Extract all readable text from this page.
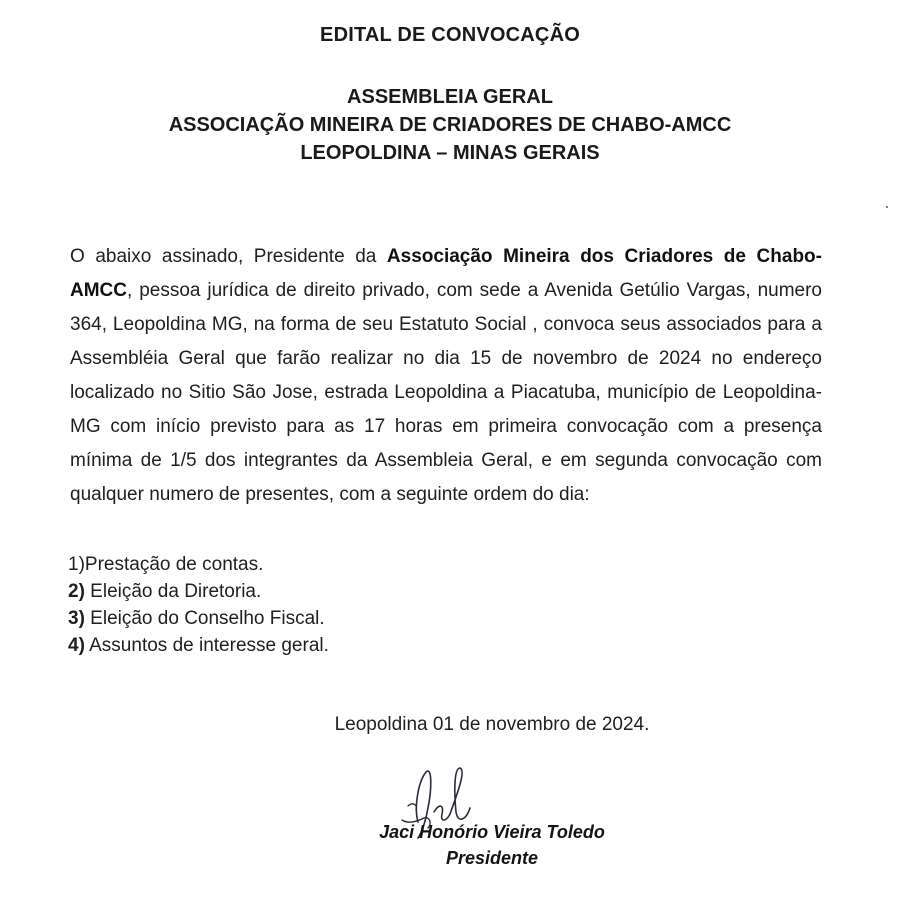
EDITAL DE CONVOCAÇÃO
ASSEMBLEIA GERAL
ASSOCIAÇÃO MINEIRA DE CRIADORES DE CHABO-AMCC
LEOPOLDINA – MINAS GERAIS
O abaixo assinado, Presidente da Associação Mineira dos Criadores de Chabo-AMCC, pessoa jurídica de direito privado, com sede a Avenida Getúlio Vargas, numero 364, Leopoldina MG, na forma de seu Estatuto Social , convoca seus associados para a Assembléia Geral que farão realizar no dia 15 de novembro de 2024 no endereço localizado no Sitio São Jose, estrada Leopoldina a Piacatuba, município de Leopoldina-MG com início previsto para as 17 horas em primeira convocação com a presença mínima de 1/5 dos integrantes da Assembleia Geral, e em segunda convocação com qualquer numero de presentes, com a seguinte ordem do dia:
1)Prestação de contas.
2) Eleição da Diretoria.
3) Eleição do Conselho Fiscal.
4) Assuntos de interesse geral.
Leopoldina 01 de novembro de 2024.
Jaci Honório Vieira Toledo
Presidente
